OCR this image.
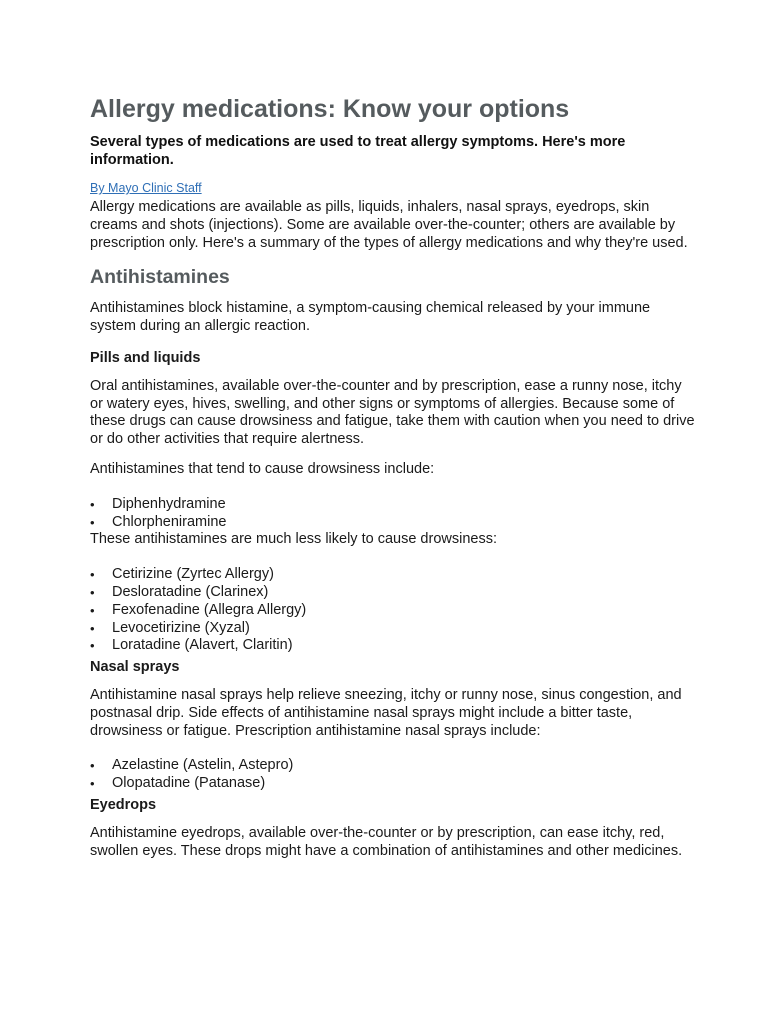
Allergy medications: Know your options

Several types of medications are used to treat allergy symptoms. Here's more information.

By Mayo Clinic Staff

Allergy medications are available as pills, liquids, inhalers, nasal sprays, eyedrops, skin creams and shots (injections). Some are available over-the-counter; others are available by prescription only. Here's a summary of the types of allergy medications and why they're used.

Antihistamines

Antihistamines block histamine, a symptom-causing chemical released by your immune system during an allergic reaction.

Pills and liquids

Oral antihistamines, available over-the-counter and by prescription, ease a runny nose, itchy or watery eyes, hives, swelling, and other signs or symptoms of allergies. Because some of these drugs can cause drowsiness and fatigue, take them with caution when you need to drive or do other activities that require alertness.

Antihistamines that tend to cause drowsiness include:

• Diphenhydramine
• Chlorpheniramine

These antihistamines are much less likely to cause drowsiness:

• Cetirizine (Zyrtec Allergy)
• Desloratadine (Clarinex)
• Fexofenadine (Allegra Allergy)
• Levocetirizine (Xyzal)
• Loratadine (Alavert, Claritin)
Nasal sprays

Antihistamine nasal sprays help relieve sneezing, itchy or runny nose, sinus congestion, and postnasal drip. Side effects of antihistamine nasal sprays might include a bitter taste, drowsiness or fatigue. Prescription antihistamine nasal sprays include:

• Azelastine (Astelin, Astepro)
• Olopatadine (Patanase)
Eyedrops

Antihistamine eyedrops, available over-the-counter or by prescription, can ease itchy, red, swollen eyes. These drops might have a combination of antihistamines and other medicines.
